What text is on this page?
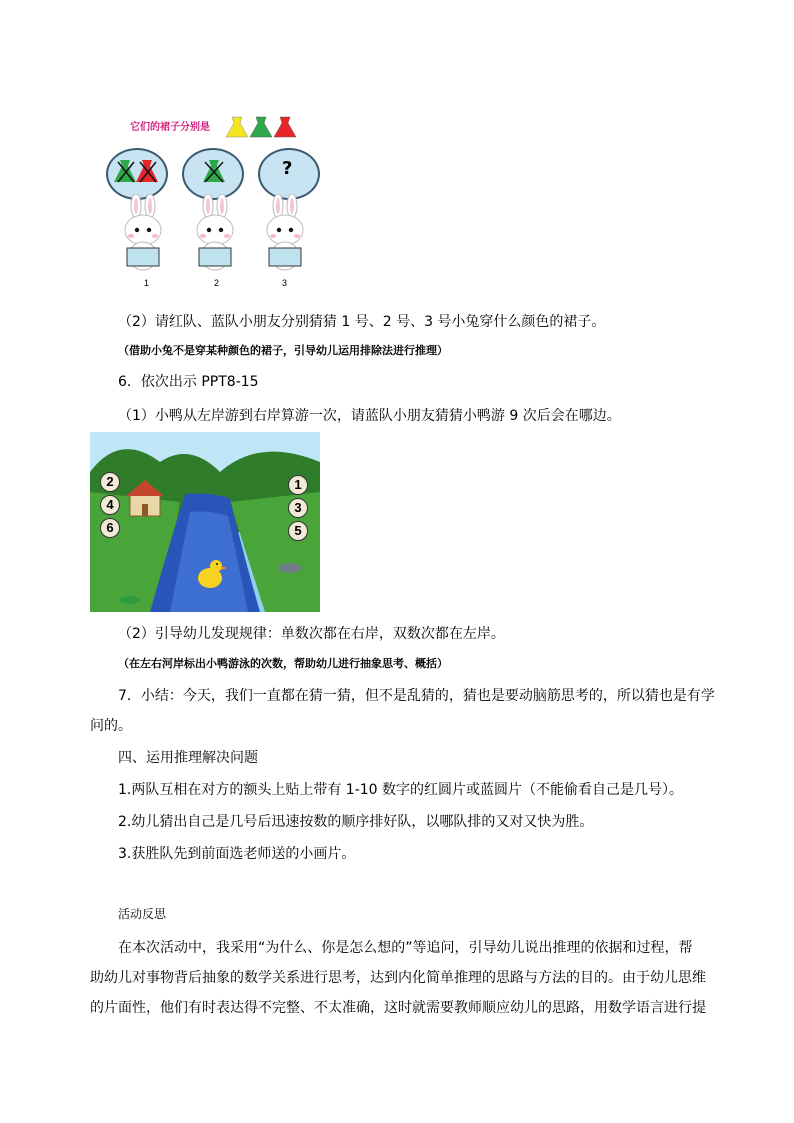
它们的裙子分别是
?
1	2	3
（2）请红队、蓝队小朋友分别猜猜 1 号、2 号、3 号小兔穿什么颜色的裙子。
（借助小兔不是穿某种颜色的裙子，引导幼儿运用排除法进行推理）
6．依次出示 PPT8-15
（1）小鸭从左岸游到右岸算游一次，请蓝队小朋友猜猜小鸭游 9 次后会在哪边。
2
4
6
1
3
5
（2）引导幼儿发现规律：单数次都在右岸，双数次都在左岸。
（在左右河岸标出小鸭游泳的次数，帮助幼儿进行抽象思考、概括）
7．小结：今天，我们一直都在猜一猜，但不是乱猜的，猜也是要动脑筋思考的，所以猜也是有学
问的。
四、运用推理解决问题
1.两队互相在对方的额头上贴上带有 1-10 数字的红圆片或蓝圆片（不能偷看自己是几号）。
2.幼儿猜出自己是几号后迅速按数的顺序排好队，以哪队排的又对又快为胜。
3.获胜队先到前面选老师送的小画片。
活动反思
在本次活动中，我采用“为什么、你是怎么想的”等追问，引导幼儿说出推理的依据和过程，帮
助幼儿对事物背后抽象的数学关系进行思考，达到内化简单推理的思路与方法的目的。由于幼儿思维
的片面性，他们有时表达得不完整、不太准确，这时就需要教师顺应幼儿的思路，用数学语言进行提
